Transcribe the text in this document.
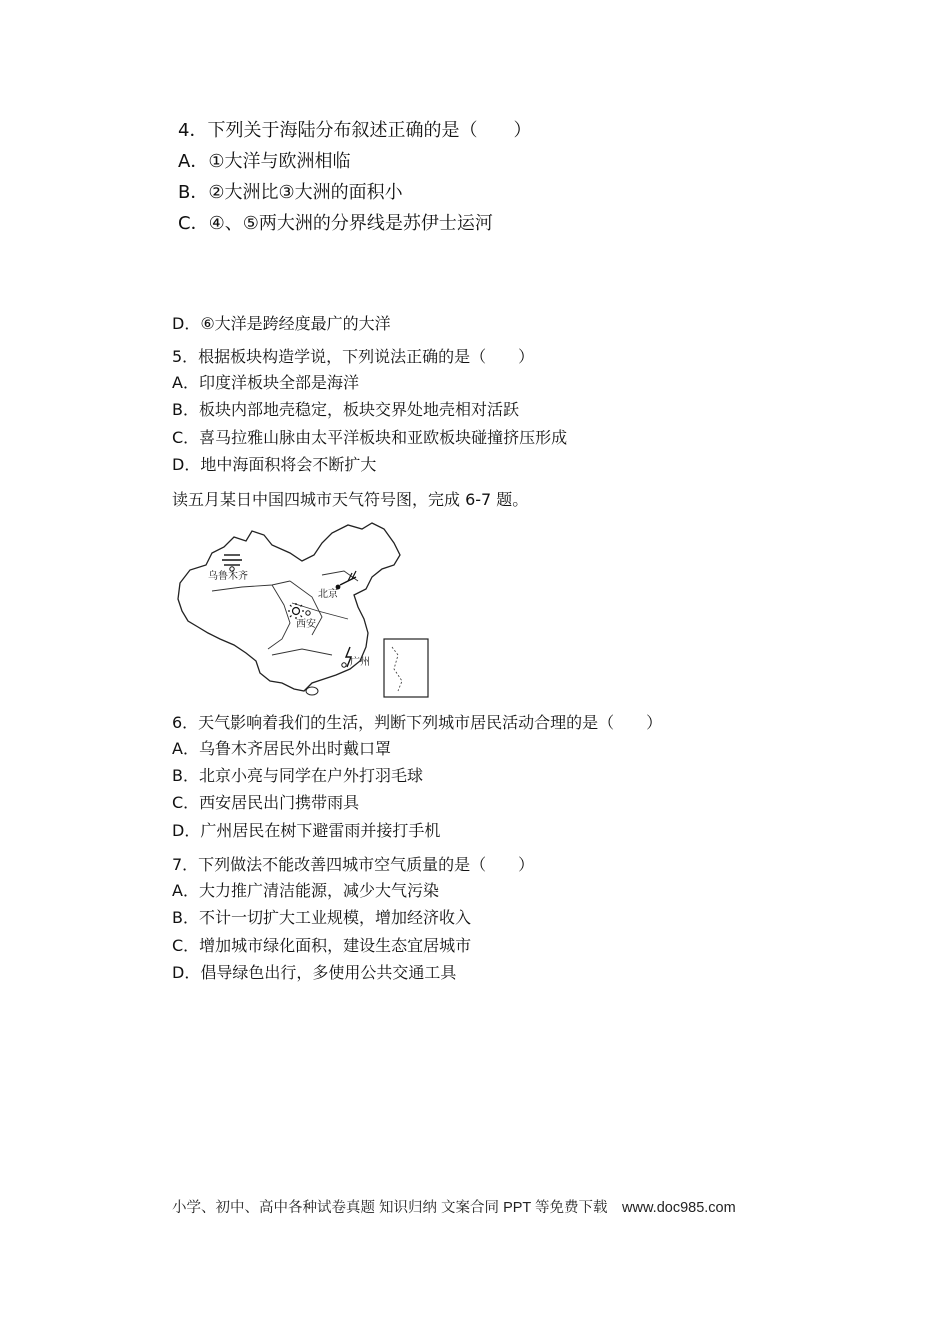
4．下列关于海陆分布叙述正确的是（　　）
A．①大洋与欧洲相临
B．②大洲比③大洲的面积小
C．④、⑤两大洲的分界线是苏伊士运河
D．⑥大洋是跨经度最广的大洋
5．根据板块构造学说，下列说法正确的是（　　）
A．印度洋板块全部是海洋
B．板块内部地壳稳定，板块交界处地壳相对活跃
C．喜马拉雅山脉由太平洋板块和亚欧板块碰撞挤压形成
D．地中海面积将会不断扩大
读五月某日中国四城市天气符号图，完成 6-7 题。
乌鲁木齐
北京
西安
广州
6．天气影响着我们的生活，判断下列城市居民活动合理的是（　　）
A．乌鲁木齐居民外出时戴口罩
B．北京小亮与同学在户外打羽毛球
C．西安居民出门携带雨具
D．广州居民在树下避雷雨并接打手机
7．下列做法不能改善四城市空气质量的是（　　）
A．大力推广清洁能源，减少大气污染
B．不计一切扩大工业规模，增加经济收入
C．增加城市绿化面积，建设生态宜居城市
D．倡导绿色出行，多使用公共交通工具
小学、初中、高中各种试卷真题 知识归纳 文案合同 PPT 等免费下载　www.doc985.com
